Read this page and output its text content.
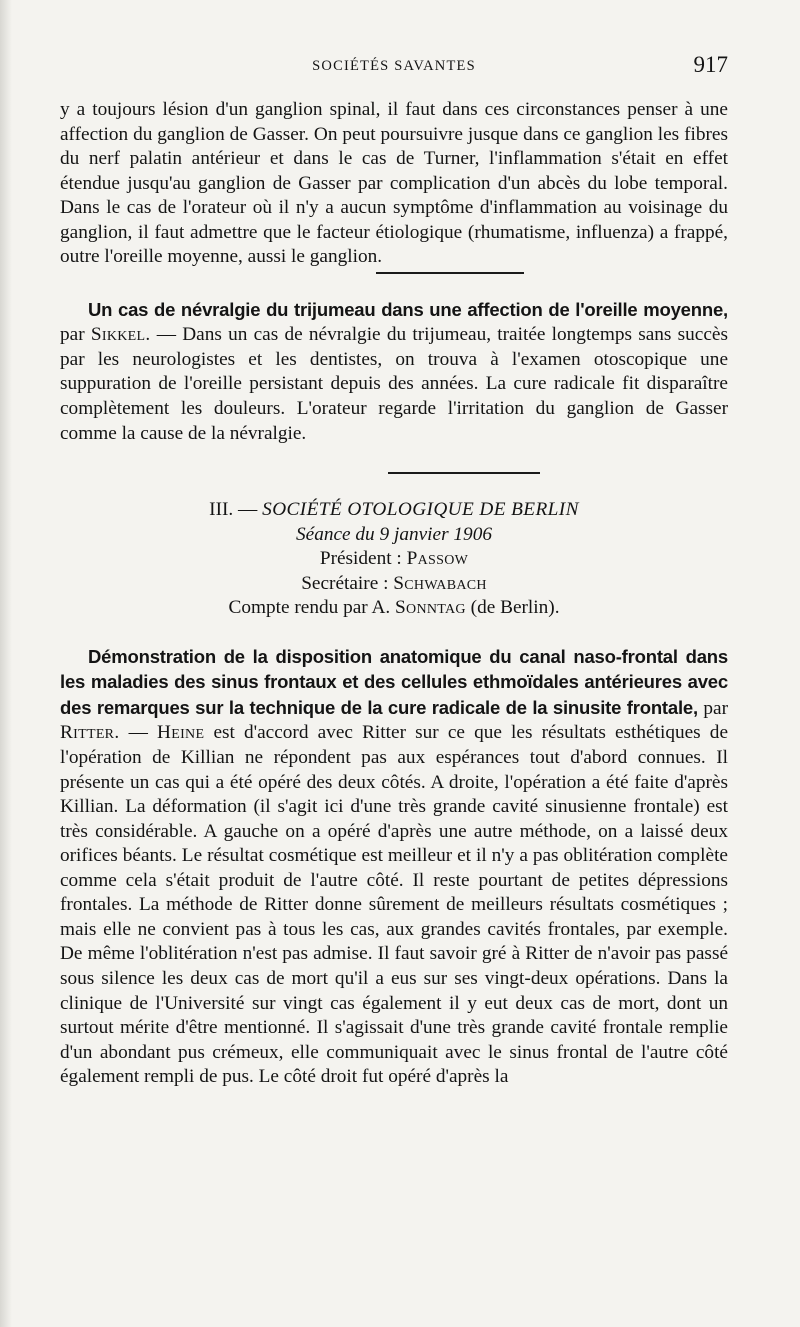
SOCIÉTÉS SAVANTES	917

y a toujours lésion d'un ganglion spinal, il faut dans ces circonstances penser à une affection du ganglion de Gasser. On peut poursuivre jusque dans ce ganglion les fibres du nerf palatin antérieur et dans le cas de Turner, l'inflammation s'était en effet étendue jusqu'au ganglion de Gasser par complication d'un abcès du lobe temporal. Dans le cas de l'orateur où il n'y a aucun symptôme d'inflammation au voisinage du ganglion, il faut admettre que le facteur étiologique (rhumatisme, influenza) a frappé, outre l'oreille moyenne, aussi le ganglion.

Un cas de névralgie du trijumeau dans une affection de l'oreille moyenne, par Sikkel. — Dans un cas de névralgie du trijumeau, traitée longtemps sans succès par les neurologistes et les dentistes, on trouva à l'examen otoscopique une suppuration de l'oreille persistant depuis des années. La cure radicale fit disparaître complètement les douleurs. L'orateur regarde l'irritation du ganglion de Gasser comme la cause de la névralgie.

III. — SOCIÉTÉ OTOLOGIQUE DE BERLIN
Séance du 9 janvier 1906
Président : Passow
Secrétaire : Schwabach
Compte rendu par A. Sonntag (de Berlin).

Démonstration de la disposition anatomique du canal naso-frontal dans les maladies des sinus frontaux et des cellules ethmoïdales antérieures avec des remarques sur la technique de la cure radicale de la sinusite frontale, par Ritter. — Heine est d'accord avec Ritter sur ce que les résultats esthétiques de l'opération de Killian ne répondent pas aux espérances tout d'abord connues. Il présente un cas qui a été opéré des deux côtés. A droite, l'opération a été faite d'après Killian. La déformation (il s'agit ici d'une très grande cavité sinusienne frontale) est très considérable. A gauche on a opéré d'après une autre méthode, on a laissé deux orifices béants. Le résultat cosmétique est meilleur et il n'y a pas oblitération complète comme cela s'était produit de l'autre côté. Il reste pourtant de petites dépressions frontales. La méthode de Ritter donne sûrement de meilleurs résultats cosmétiques ; mais elle ne convient pas à tous les cas, aux grandes cavités frontales, par exemple. De même l'oblitération n'est pas admise. Il faut savoir gré à Ritter de n'avoir pas passé sous silence les deux cas de mort qu'il a eus sur ses vingt-deux opérations. Dans la clinique de l'Université sur vingt cas également il y eut deux cas de mort, dont un surtout mérite d'être mentionné. Il s'agissait d'une très grande cavité frontale remplie d'un abondant pus crémeux, elle communiquait avec le sinus frontal de l'autre côté également rempli de pus. Le côté droit fut opéré d'après la
